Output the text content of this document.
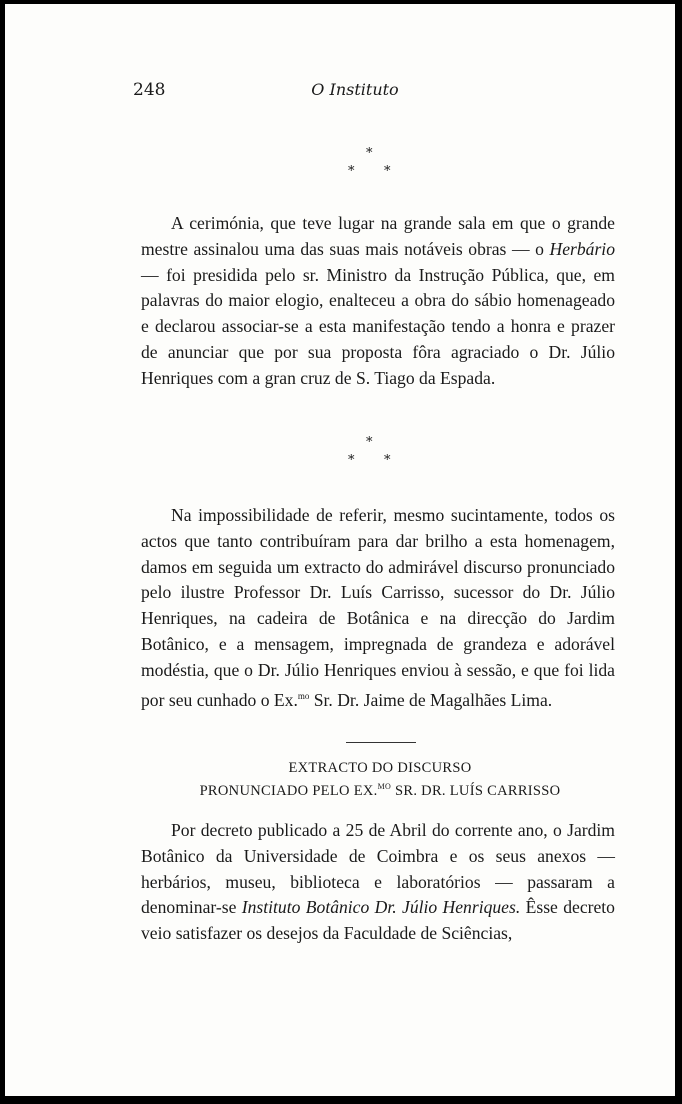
248	O Instituto
*
* *

A cerimónia, que teve lugar na grande sala em que o grande mestre assinalou uma das suas mais notáveis obras — o Herbário — foi presidida pelo sr. Ministro da Instrução Pública, que, em palavras do maior elogio, enalteceu a obra do sábio homenageado e declarou associar-se a esta manifestação tendo a honra e prazer de anunciar que por sua proposta fôra agraciado o Dr. Júlio Henriques com a gran cruz de S. Tiago da Espada.

*
* *

Na impossibilidade de referir, mesmo sucintamente, todos os actos que tanto contribuíram para dar brilho a esta homenagem, damos em seguida um extracto do admirável discurso pronunciado pelo ilustre Professor Dr. Luís Carrisso, sucessor do Dr. Júlio Henriques, na cadeira de Botânica e na direcção do Jardim Botânico, e a mensagem, impregnada de grandeza e adorável modéstia, que o Dr. Júlio Henriques enviou à sessão, e que foi lida por seu cunhado o Ex.$^{mo}$ Sr. Dr. Jaime de Magalhães Lima.

EXTRACTO DO DISCURSO
PRONUNCIADO PELO EX.$^{MO}$ SR. DR. LUÍS CARRISSO

Por decreto publicado a 25 de Abril do corrente ano, o Jardim Botânico da Universidade de Coimbra e os seus anexos — herbários, museu, biblioteca e laboratórios — passaram a denominar-se Instituto Botânico Dr. Júlio Henriques. Êsse decreto veio satisfazer os desejos da Faculdade de Sciências,
